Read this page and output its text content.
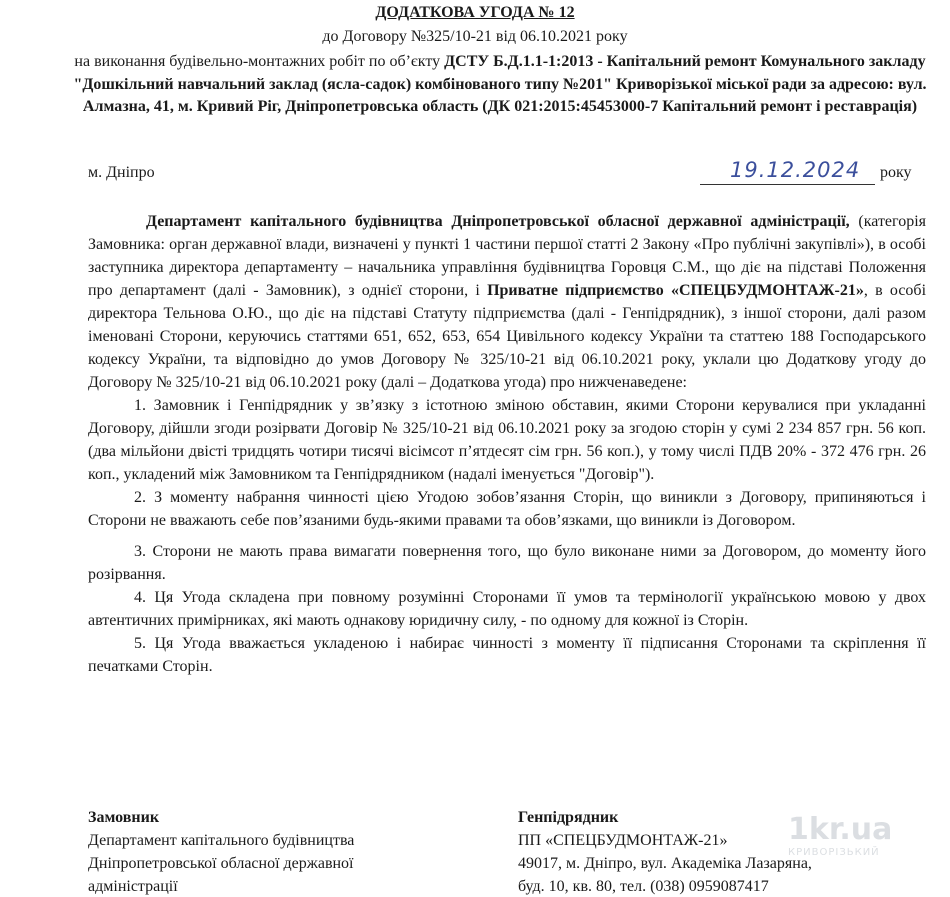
ДОДАТКОВА УГОДА № 12
до Договору №325/10-21 від 06.10.2021 року
на виконання будівельно-монтажних робіт по об’єкту ДСТУ Б.Д.1.1-1:2013 - Капітальний ремонт Комунального закладу "Дошкільний навчальний заклад (ясла-садок) комбінованого типу №201" Криворізької міської ради за адресою: вул. Алмазна, 41, м. Кривий Ріг, Дніпропетровська область (ДК 021:2015:45453000-7 Капітальний ремонт і реставрація)
м. Дніпро	19.12.2024 року

Департамент капітального будівництва Дніпропетровської обласної державної адміністрації, (категорія Замовника: орган державної влади, визначені у пункті 1 частини першої статті 2 Закону «Про публічні закупівлі»), в особі заступника директора департаменту – начальника управління будівництва Горовця С.М., що діє на підставі Положення про департамент (далі - Замовник), з однієї сторони, і Приватне підприємство «СПЕЦБУДМОНТАЖ-21», в особі директора Тельнова О.Ю., що діє на підставі Статуту підприємства (далі - Генпідрядник), з іншої сторони, далі разом іменовані Сторони, керуючись статтями 651, 652, 653, 654 Цивільного кодексу України та статтею 188 Господарського кодексу України, та відповідно до умов Договору № 325/10-21 від 06.10.2021 року, уклали цю Додаткову угоду до Договору № 325/10-21 від 06.10.2021 року (далі – Додаткова угода) про нижченаведене:

1. Замовник і Генпідрядник у зв’язку з істотною зміною обставин, якими Сторони керувалися при укладанні Договору, дійшли згоди розірвати Договір № 325/10-21 від 06.10.2021 року за згодою сторін у сумі 2 234 857 грн. 56 коп. (два мільйони двісті тридцять чотири тисячі вісімсот п’ятдесят сім грн. 56 коп.), у тому числі ПДВ 20% - 372 476 грн. 26 коп., укладений між Замовником та Генпідрядником (надалі іменується "Договір").

2. З моменту набрання чинності цією Угодою зобов’язання Сторін, що виникли з Договору, припиняються і Сторони не вважають себе пов’язаними будь-якими правами та обов’язками, що виникли із Договором.

3. Сторони не мають права вимагати повернення того, що було виконане ними за Договором, до моменту його розірвання.

4. Ця Угода складена при повному розумінні Сторонами її умов та термінології українською мовою у двох автентичних примірниках, які мають однакову юридичну силу, - по одному для кожної із Сторін.

5. Ця Угода вважається укладеною і набирає чинності з моменту її підписання Сторонами та скріплення її печатками Сторін.

Замовник
Департамент капітального будівництва
Дніпропетровської обласної державної
адміністрації
Генпідрядник
ПП «СПЕЦБУДМОНТАЖ-21»
49017, м. Дніпро, вул. Академіка Лазаряна,
буд. 10, кв. 80, тел. (038) 0959087417
1kr.ua
КРИВОРІЗЬКИЙ
